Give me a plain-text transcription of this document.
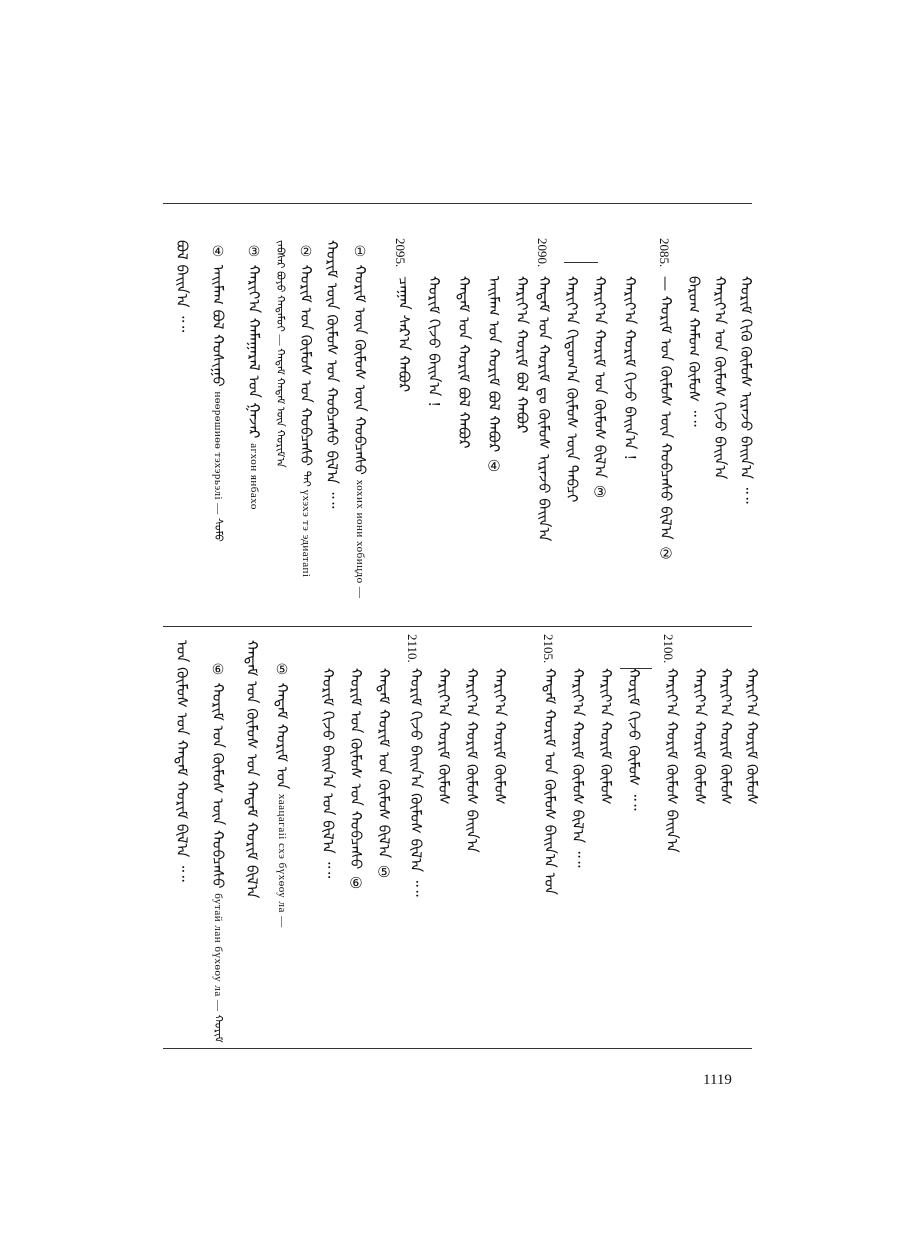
ᠪᠣᠯ ᠪᠠᠢᠨ᠎ᠠ ᠃᠃ ④ ᠠᠢᠮᠠᠭ ᠪᠣᠯ ᠬᠣᠰᠢᠭᠤ нөөрөшиөө тэхэрьэлі — ᠰᠤᠮᠤ
③ ᠬᠠᠷᠢᠶ᠎ᠠ ᠬᠠᠮᠠᠭᠠᠷᠠᠯ ᠤᠨ ᠭᠠᠵᠠᠷ агхон янбахо
ᠵᠠᠪᠰᠠᠷ ᠪᠤᠶᠤ ᠬᠠᠳᠠᠮᠤᠢ — ᠬᠠᠳᠠᠮ ᠬᠠᠳᠠᠮ ᠦᠨ ᠬᠤᠷᠢᠮ᠎ᠠ ② ᠬᠤᠷᠢᠮ ᠤᠨ ᠬᠦᠮᠦᠰ ᠤᠨ ᠬᠤᠪᠴᠠᠰᠤ ᠲᠠᠢ үхэхэ тэ эдиатапі
ᠬᠤᠷᠢᠮ ᠦᠨ ᠬᠦᠮᠦᠰ ᠤᠨ ᠬᠤᠪᠴᠠᠰᠤ ᠪᠢᠯ᠎ᠠ ᠃᠃ ① ᠬᠤᠷᠢᠮ ᠦᠨ ᠬᠦᠮᠦᠰ ᠦᠨ ᠬᠤᠪᠴᠠᠰᠤ хохих иони хобицдо —
2095.
ᠴᠠᠭᠠᠨ ᠰᠠᠷ᠎ᠠ ᠬᠠᠪᠤᠷ ᠬᠤᠷᠢᠮ ᠬᠢᠵᠦ ᠪᠠᠢᠨ᠎ᠠ ! ᠬᠠᠳᠠᠮ ᠤᠨ ᠬᠤᠷᠢᠮ ᠪᠣᠯ ᠬᠠᠪᠤᠷ ᠠᠢᠮᠠᠭ ᠤᠨ ᠬᠤᠷᠢᠮ ᠪᠣᠯ ᠬᠠᠪᠤᠷ ④ ᠬᠠᠷᠢᠶ᠎ᠠ ᠬᠤᠷᠢᠮ ᠪᠣᠯ ᠬᠠᠪᠤᠷ
2090.
ᠬᠠᠳᠠᠮ ᠤᠨ ᠬᠤᠷᠢᠮ ᠳᠤ ᠬᠦᠮᠦᠰ ᠢᠷᠡᠵᠦ ᠪᠠᠢᠨ᠎ᠠ ᠬᠠᠷᠢᠶ᠎ᠠ ᠬᠢᠳᠤᠭ᠎ᠠ ᠬᠦᠮᠦᠰ ᠦᠨ ᠲᠡᠪᠴᠢ ᠬᠠᠷᠢᠶ᠎ᠠ ᠬᠤᠷᠢᠮ ᠤᠨ ᠬᠦᠮᠦᠰ ᠪᠢᠯ᠎ᠠ ③ ᠬᠠᠷᠢᠶ᠎ᠠ ᠬᠤᠷᠢᠮ ᠬᠢᠵᠦ ᠪᠠᠢᠨ᠎ᠠ !
2085.
— ᠬᠤᠷᠢᠮ ᠤᠨ ᠬᠦᠮᠦᠰ ᠦᠨ ᠬᠤᠪᠴᠠᠰᠤ ᠪᠢᠯ᠎ᠠ ② ᠪᠠᠷᠤᠭ ᠬᠠᠮᠤᠭ ᠬᠦᠮᠦᠰ ᠃᠃ ᠬᠠᠷᠢᠶ᠎ᠠ ᠤᠨ ᠬᠦᠮᠦᠰ ᠬᠢᠵᠦ ᠪᠠᠢᠨ᠎ᠠ ᠬᠤᠷᠢᠮ ᠬᠢᠬᠦ ᠬᠦᠮᠦᠰ ᠢᠷᠡᠵᠦ ᠪᠠᠢᠨ᠎ᠠ ᠃᠃
ᠤᠨ ᠬᠦᠮᠦᠰ ᠤᠨ ᠬᠠᠳᠠᠮ ᠬᠤᠷᠢᠮ ᠪᠢᠯ᠎ᠠ ᠃᠃ ⑥ ᠬᠤᠷᠢᠮ ᠤᠨ ᠬᠦᠮᠦᠰ ᠦᠨ ᠬᠤᠪᠴᠠᠰᠤ бутай лан бүхөоу ла — ᠬᠤᠷᠢᠮ
ᠬᠠᠳᠠᠮ ᠤᠨ ᠬᠦᠮᠦᠰ ᠤᠨ ᠬᠠᠳᠠᠮ ᠬᠤᠷᠢᠮ ᠪᠢᠯ᠎ᠠ ⑤ ᠬᠠᠳᠠᠮ ᠬᠤᠷᠢᠮ ᠤᠨ хаацагаіі схэ бүхөоу ла — ᠬᠤᠷᠢᠮ ᠬᠢᠵᠦ ᠪᠠᠢᠨ᠎ᠠ ᠤᠨ ᠪᠢᠯ᠎ᠠ ᠃᠃ ᠬᠤᠷᠢᠮ ᠤᠨ ᠬᠦᠮᠦᠰ ᠤᠨ ᠬᠤᠪᠴᠠᠰᠤ ⑥ ᠬᠠᠳᠠᠮ ᠬᠤᠷᠢᠮ ᠤᠨ ᠬᠦᠮᠦᠰ ᠪᠢᠯ᠎ᠠ ⑤
2110.
ᠬᠤᠷᠢᠮ ᠬᠢᠵᠦ ᠪᠠᠢᠨ᠎ᠠ ᠬᠦᠮᠦᠰ ᠪᠢᠯ᠎ᠠ ᠃᠃ ᠬᠠᠷᠢᠶ᠎ᠠ ᠬᠤᠷᠢᠮ ᠬᠦᠮᠦᠰ ᠬᠠᠷᠢᠶ᠎ᠠ ᠬᠤᠷᠢᠮ ᠬᠦᠮᠦᠰ ᠪᠠᠢᠨ᠎ᠠ ᠬᠠᠷᠢᠶ᠎ᠠ ᠬᠤᠷᠢᠮ ᠬᠦᠮᠦᠰ
2105.
ᠬᠠᠳᠠᠮ ᠬᠤᠷᠢᠮ ᠤᠨ ᠬᠦᠮᠦᠰ ᠪᠠᠢᠨ᠎ᠠ ᠤᠨ ᠬᠠᠷᠢᠶ᠎ᠠ ᠬᠤᠷᠢᠮ ᠬᠦᠮᠦᠰ ᠪᠢᠯ᠎ᠠ ᠃᠃ ᠬᠠᠷᠢᠶ᠎ᠠ ᠬᠤᠷᠢᠮ ᠬᠦᠮᠦᠰ ᠬᠤᠷᠢᠮ ᠬᠢᠵᠦ ᠬᠦᠮᠦᠰ ᠃᠃
2100.
ᠬᠠᠷᠢᠶ᠎ᠠ ᠬᠤᠷᠢᠮ ᠬᠦᠮᠦᠰ ᠪᠠᠢᠨ᠎ᠠ ᠬᠠᠷᠢᠶ᠎ᠠ ᠬᠤᠷᠢᠮ ᠬᠦᠮᠦᠰ ᠬᠠᠷᠢᠶ᠎ᠠ ᠬᠤᠷᠢᠮ ᠬᠦᠮᠦᠰ ᠬᠠᠷᠢᠶ᠎ᠠ ᠬᠤᠷᠢᠮ ᠬᠦᠮᠦᠰ
1119
